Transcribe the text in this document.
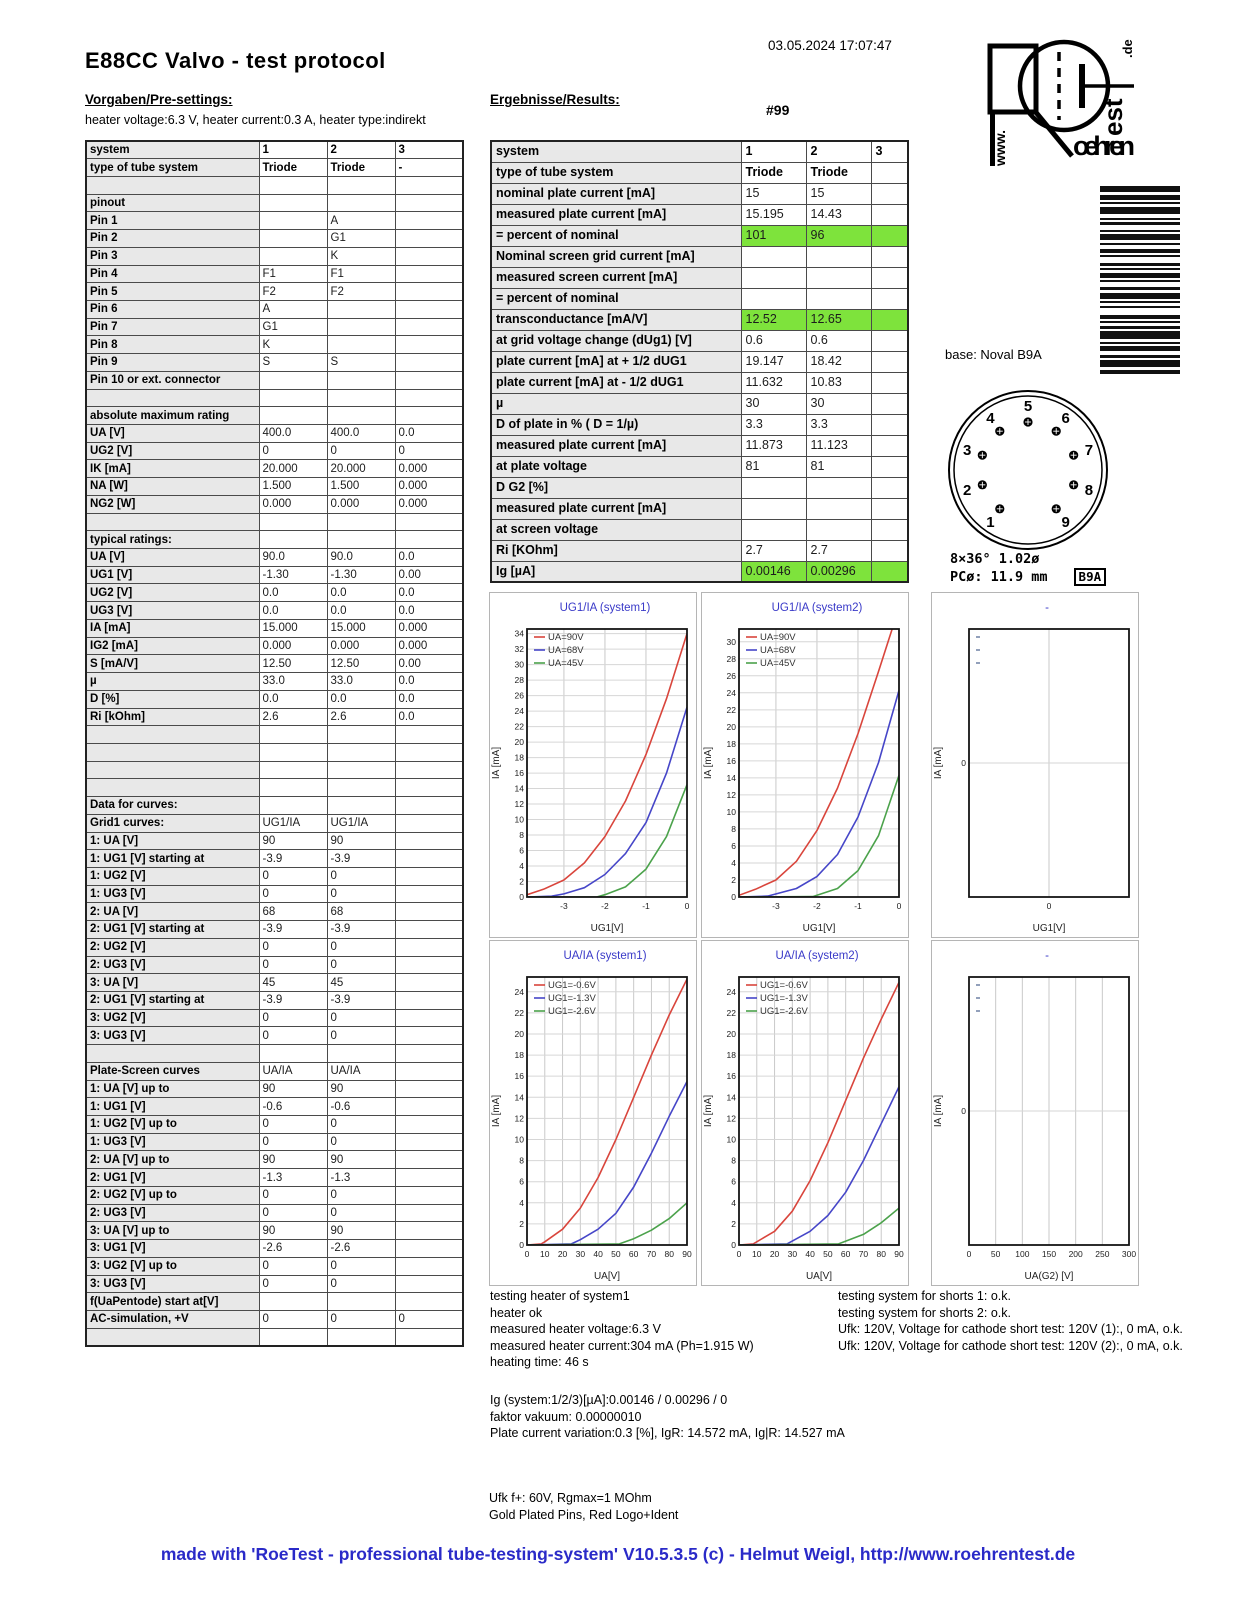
E88CC Valvo - test protocol
03.05.2024 17:07:47
oehren
www.
est
.de
Vorgaben/Pre-settings:	Ergebnisse/Results:
#99
heater voltage:6.3 V, heater current:0.3 A, heater type:indirekt
system	1	2	3
type of tube system	Triode	Triode	-

pinout			
Pin 1		A	
Pin 2		G1	
Pin 3		K	
Pin 4	F1	F1	
Pin 5	F2	F2	
Pin 6	A		
Pin 7	G1		
Pin 8	K		
Pin 9	S	S	
Pin 10 or ext. connector			

absolute maximum rating			
UA [V]	400.0	400.0	0.0
UG2 [V]	0	0	0
IK [mA]	20.000	20.000	0.000
NA [W]	1.500	1.500	0.000
NG2 [W]	0.000	0.000	0.000

typical ratings:			
UA [V]	90.0	90.0	0.0
UG1 [V]	-1.30	-1.30	0.00
UG2 [V]	0.0	0.0	0.0
UG3 [V]	0.0	0.0	0.0
IA [mA]	15.000	15.000	0.000
IG2 [mA]	0.000	0.000	0.000
S [mA/V]	12.50	12.50	0.00
µ	33.0	33.0	0.0
D [%]	0.0	0.0	0.0
Ri [kOhm]	2.6	2.6	0.0

Data for curves:			
Grid1 curves:	UG1/IA	UG1/IA	
1: UA [V]	90	90	
1: UG1 [V] starting at	-3.9	-3.9	
1: UG2 [V]	0	0	
1: UG3 [V]	0	0	
2: UA [V]	68	68	
2: UG1 [V] starting at	-3.9	-3.9	
2: UG2 [V]	0	0	
2: UG3 [V]	0	0	
3: UA [V]	45	45	
2: UG1 [V] starting at	-3.9	-3.9	
3: UG2 [V]	0	0	
3: UG3 [V]	0	0	

Plate-Screen curves	UA/IA	UA/IA	
1: UA [V] up to	90	90	
1: UG1 [V]	-0.6	-0.6	
1: UG2 [V] up to	0	0	
1: UG3 [V]	0	0	
2: UA [V] up to	90	90	
2: UG1 [V]	-1.3	-1.3	
2: UG2 [V] up to	0	0	
2: UG3 [V]	0	0	
3: UA [V] up to	90	90	
3: UG1 [V]	-2.6	-2.6	
3: UG2 [V] up to	0	0	
3: UG3 [V]	0	0	
f(UaPentode) start at[V]			
AC-simulation, +V	0	0	0

system	1	2	3
type of tube system	Triode	Triode	
nominal plate current [mA]	15	15	
measured plate current [mA]	15.195	14.43	
= percent of nominal	101	96	
Nominal screen grid current [mA]			
measured screen current [mA]			
= percent of nominal			
transconductance [mA/V]	12.52	12.65	
at grid voltage change (dUg1) [V]	0.6	0.6	
plate current [mA] at + 1/2 dUG1	19.147	18.42	
plate current [mA] at - 1/2 dUG1	11.632	10.83	
µ	30	30	
D of plate in % ( D = 1/µ)	3.3	3.3	
measured plate current [mA]	11.873	11.123	
at plate voltage	81	81	
D G2 [%]			
measured plate current [mA]			
at screen voltage			
Ri [KOhm]	2.7	2.7	
Ig [µA]	0.00146	0.00296	
base: Noval B9A
1
2
3
4
5
6
7
8
9
8×36° 1.02ø
PCø: 11.9 mm B9A
UG1/IA (system1)
0
2
4
6
8
10
12
14
16
18
20
22
24
26
28
30
32
34
-3	-2	-1	0
UG1[V]
IA [mA]
UA=90V
UA=68V
UA=45V
UG1/IA (system2)
0
2
4
6
8
10
12
14
16
18
20
22
24
26
28
30
-3	-2	-1	0
UG1[V]
IA [mA]
UA=90V
UA=68V
UA=45V
-
0
0
UG1[V]
IA [mA]
UA/IA (system1)
0
2
4
6
8
10
12
14
16
18
20
22
24
0 10 20 30 40 50 60 70 80 90
UA[V]
IA [mA]
UG1=-0.6V
UG1=-1.3V
UG1=-2.6V
UA/IA (system2)
0
2
4
6
8
10
12
14
16
18
20
22
24
0 10 20 30 40 50 60 70 80 90
UA[V]
IA [mA]
UG1=-0.6V
UG1=-1.3V
UG1=-2.6V
-
0
0 50 100 150 200 250 300
UA(G2) [V]
IA [mA]
testing heater of system1
heater ok
measured heater voltage:6.3 V
measured heater current:304 mA (Ph=1.915 W)
heating time: 46 s
testing system for shorts 1: o.k.
testing system for shorts 2: o.k.
Ufk: 120V, Voltage for cathode short test: 120V (1):, 0 mA, o.k.
Ufk: 120V, Voltage for cathode short test: 120V (2):, 0 mA, o.k.
Ig (system:1/2/3)[µA]:0.00146 / 0.00296 / 0
faktor vakuum: 0.00000010
Plate current variation:0.3 [%], IgR: 14.572 mA, Ig|R: 14.527 mA
Ufk f+: 60V, Rgmax=1 MOhm
Gold Plated Pins, Red Logo+Ident
made with 'RoeTest - professional tube-testing-system' V10.5.3.5 (c) - Helmut Weigl, http://www.roehrentest.de
